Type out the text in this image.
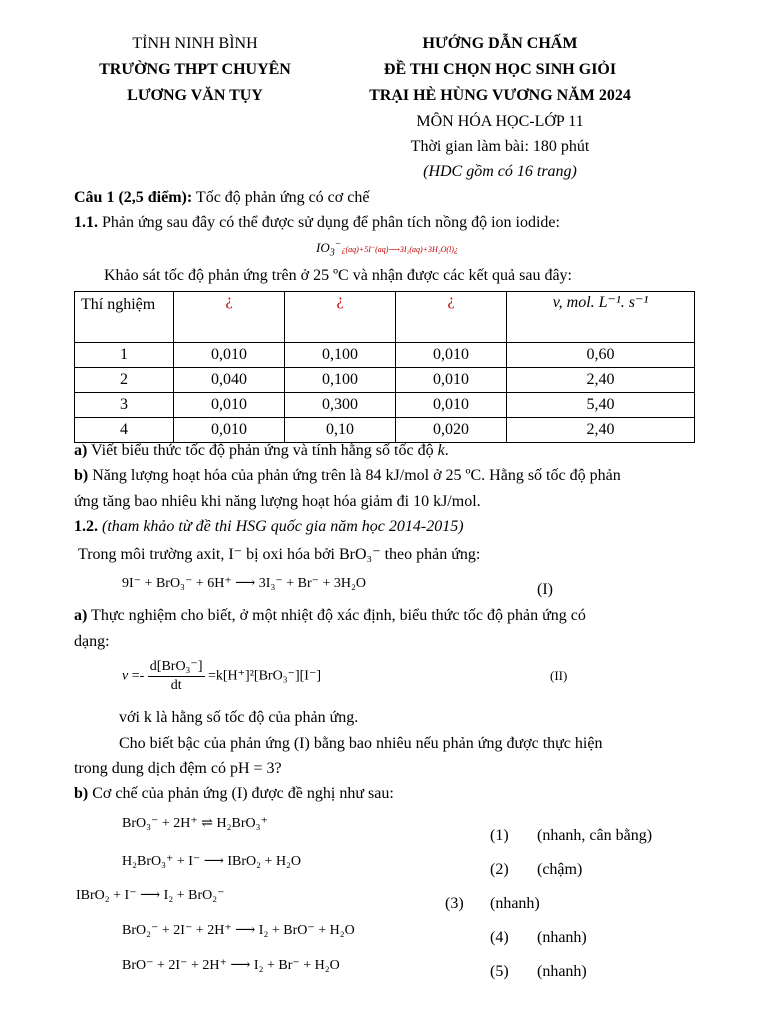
TỈNH NINH BÌNH
TRƯỜNG THPT CHUYÊN
LƯƠNG VĂN TỤY
HƯỚNG DẪN CHẤM
ĐỀ THI CHỌN HỌC SINH GIỎI
TRẠI HÈ HÙNG VƯƠNG NĂM 2024
MÔN HÓA HỌC-LỚP 11
Thời gian làm bài: 180 phút
(HDC gồm có 16 trang)
Câu 1 (2,5 điểm): Tốc độ phản ứng có cơ chế
1.1. Phản ứng sau đây có thể được sử dụng để phân tích nồng độ ion iodide:
$IO_3^-¿(aq)+5I^-(aq)⟶3I_2(aq)+3H_2O(l)¿$
Khảo sát tốc độ phản ứng trên ở 25 ºC và nhận được các kết quả sau đây:
Thí nghiệm	¿	¿	¿	v, mol. L⁻¹. s⁻¹
1	0,010	0,100	0,010	0,60
2	0,040	0,100	0,010	2,40
3	0,010	0,300	0,010	5,40
4	0,010	0,10	0,020	2,40
a) Viết biểu thức tốc độ phản ứng và tính hằng số tốc độ k.
b) Năng lượng hoạt hóa của phản ứng trên là 84 kJ/mol ở 25 ºC. Hằng số tốc độ phản
ứng tăng bao nhiêu khi năng lượng hoạt hóa giảm đi 10 kJ/mol.
1.2. (tham khảo từ đề thi HSG quốc gia năm học 2014-2015)
Trong môi trường axit, I⁻ bị oxi hóa bởi BrO₃⁻ theo phản ứng:
9I⁻ + BrO₃⁻ + 6H⁺ ⟶ 3I₃⁻ + Br⁻ + 3H₂O	(I)
a) Thực nghiệm cho biết, ở một nhiệt độ xác định, biểu thức tốc độ phản ứng có
dạng:
$v =- \frac{\text{d[BrO₃⁻]}}{dt} =k[H^+]^2[BrO_3^-][I^-]$	(II)
với k là hằng số tốc độ của phản ứng.
Cho biết bậc của phản ứng (I) bằng bao nhiêu nếu phản ứng được thực hiện
trong dung dịch đệm có pH = 3?
b) Cơ chế của phản ứng (I) được đề nghị như sau:
BrO₃⁻ + 2H⁺ ⇌ H₂BrO₃⁺
(1) (nhanh, cân bằng)
H₂BrO₃⁺ + I⁻ ⟶ IBrO₂ + H₂O	(2) (chậm)
IBrO₂ + I⁻ ⟶ I₂ + BrO₂⁻	(3) (nhanh)
BrO₂⁻ + 2I⁻ + 2H⁺ ⟶ I₂ + BrO⁻ + H₂O	(4) (nhanh)
BrO⁻ + 2I⁻ + 2H⁺ ⟶ I₂ + Br⁻ + H₂O	(5) (nhanh)
